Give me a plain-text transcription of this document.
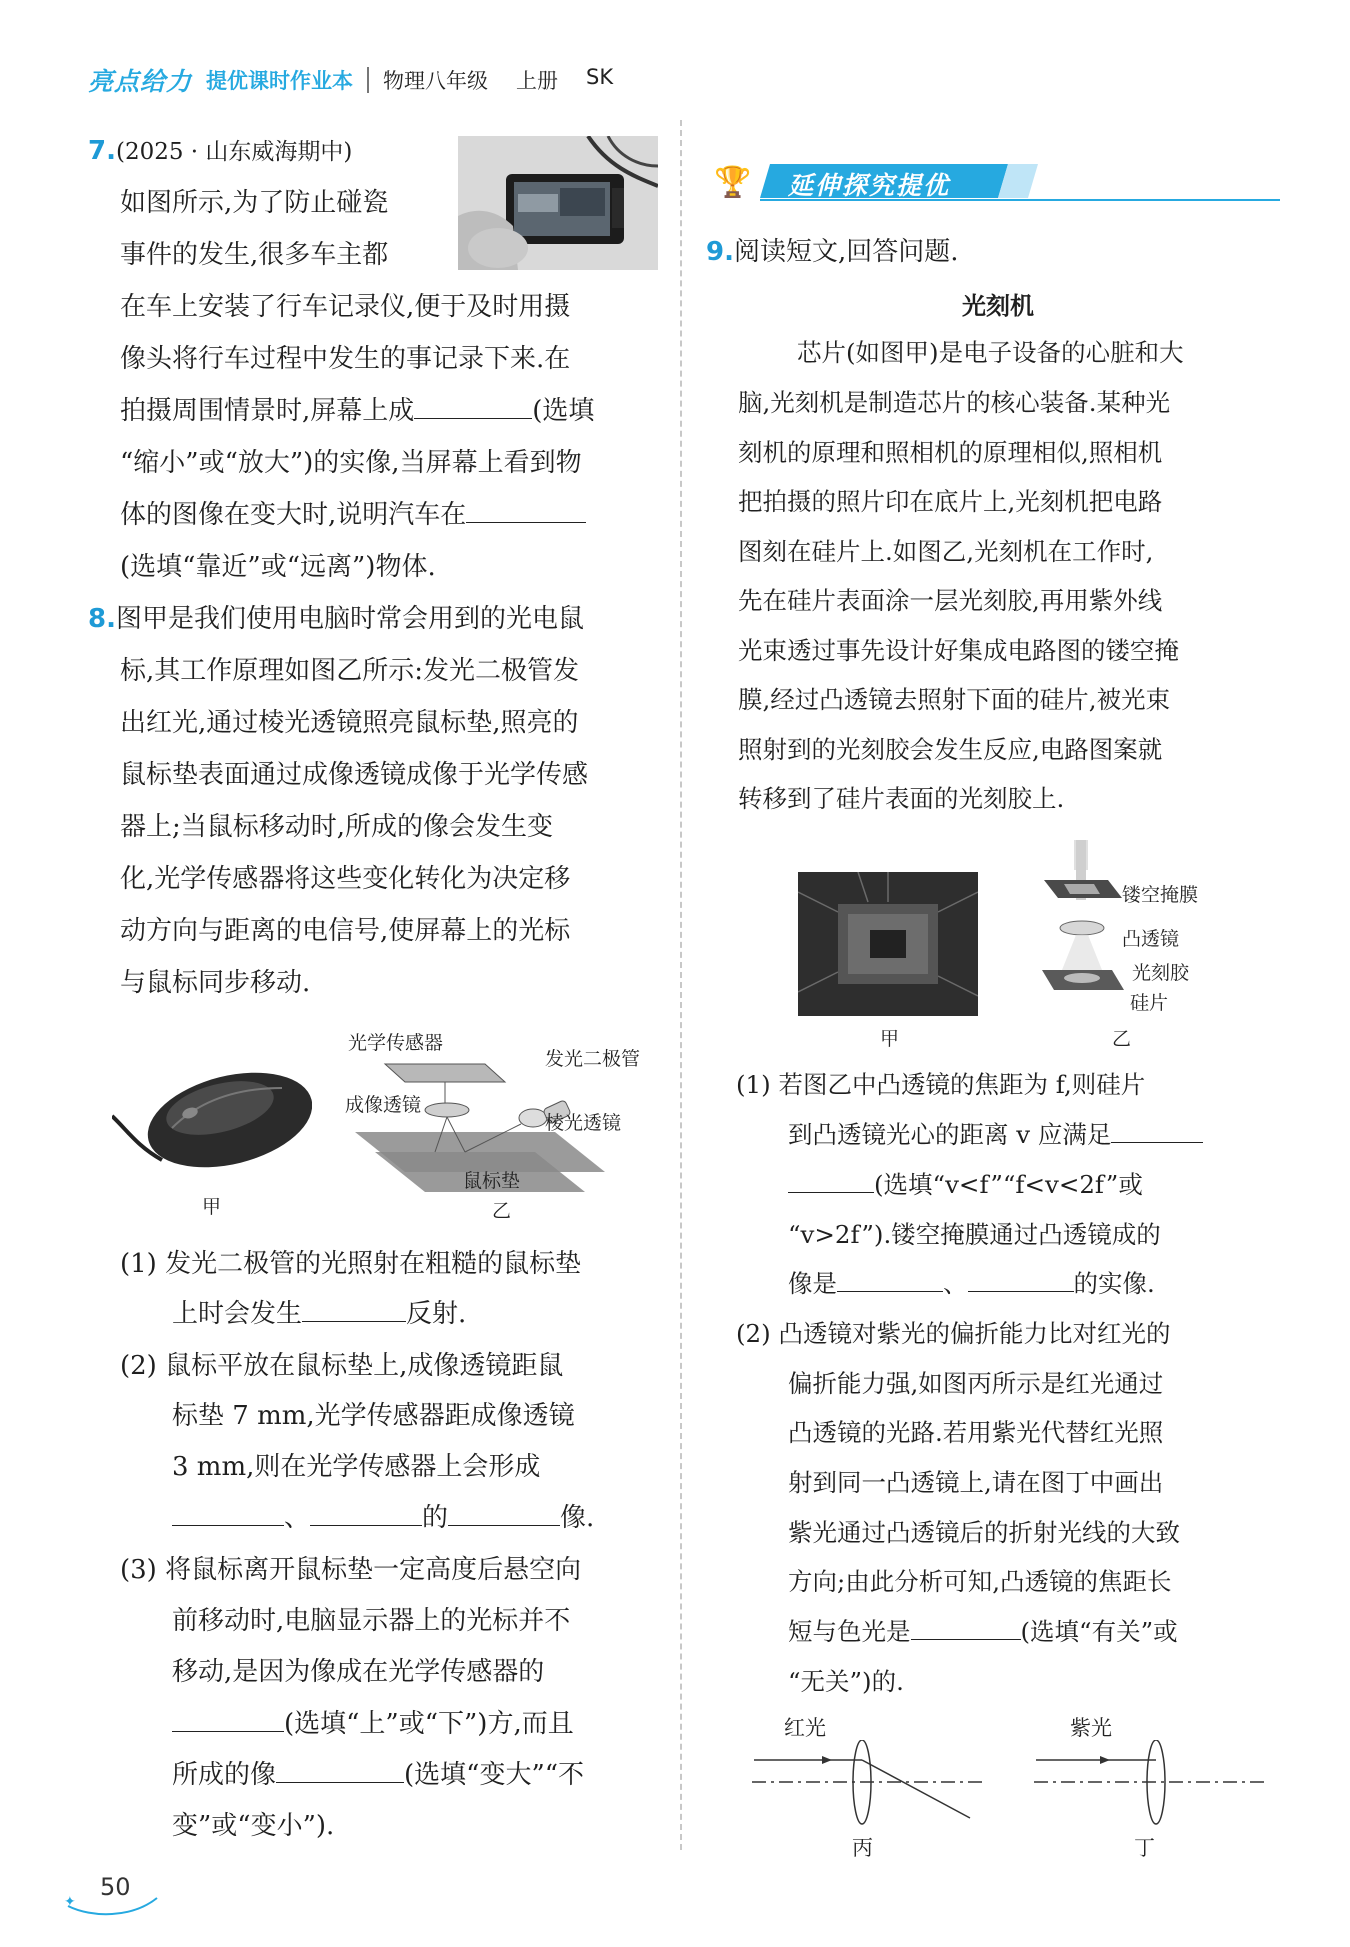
亮点给力 提优课时作业本 物理八年级 上册 SK
7.(2025 · 山东威海期中)
如图所示,为了防止碰瓷
事件的发生,很多车主都
在车上安装了行车记录仪,便于及时用摄
像头将行车过程中发生的事记录下来.在
拍摄周围情景时,屏幕上成	(选填
“缩小”或“放大”)的实像,当屏幕上看到物
体的图像在变大时,说明汽车在
(选填“靠近”或“远离”)物体.
8.图甲是我们使用电脑时常会用到的光电鼠
标,其工作原理如图乙所示:发光二极管发
出红光,通过棱光透镜照亮鼠标垫,照亮的
鼠标垫表面通过成像透镜成像于光学传感
器上;当鼠标移动时,所成的像会发生变
化,光学传感器将这些变化转化为决定移
动方向与距离的电信号,使屏幕上的光标
与鼠标同步移动.
甲
光学传感器
发光二极管
成像透镜
棱光透镜
鼠标垫
乙
(1) 发光二极管的光照射在粗糙的鼠标垫
上时会发生	反射.
(2) 鼠标平放在鼠标垫上,成像透镜距鼠
标垫 7 mm,光学传感器距成像透镜
3 mm,则在光学传感器上会形成
、	的	像.
(3) 将鼠标离开鼠标垫一定高度后悬空向
前移动时,电脑显示器上的光标并不
移动,是因为像成在光学传感器的
(选填“上”或“下”)方,而且
所成的像	(选填“变大”“不
变”或“变小”).
✦
50
🏆 延伸探究提优
9.阅读短文,回答问题.
光刻机
芯片(如图甲)是电子设备的心脏和大
脑,光刻机是制造芯片的核心装备.某种光
刻机的原理和照相机的原理相似,照相机
把拍摄的照片印在底片上,光刻机把电路
图刻在硅片上.如图乙,光刻机在工作时,
先在硅片表面涂一层光刻胶,再用紫外线
光束透过事先设计好集成电路图的镂空掩
膜,经过凸透镜去照射下面的硅片,被光束
照射到的光刻胶会发生反应,电路图案就
转移到了硅片表面的光刻胶上.
甲
镂空掩膜
凸透镜
光刻胶
硅片
乙
(1) 若图乙中凸透镜的焦距为 f,则硅片
到凸透镜光心的距离 v 应满足
(选填“v<f”“f<v<2f”或
“v>2f”).镂空掩膜通过凸透镜成的
像是	、	的实像.
(2) 凸透镜对紫光的偏折能力比对红光的
偏折能力强,如图丙所示是红光通过
凸透镜的光路.若用紫光代替红光照
射到同一凸透镜上,请在图丁中画出
紫光通过凸透镜后的折射光线的大致
方向;由此分析可知,凸透镜的焦距长
短与色光是	(选填“有关”或
“无关”)的.
红光
丙
紫光
丁
